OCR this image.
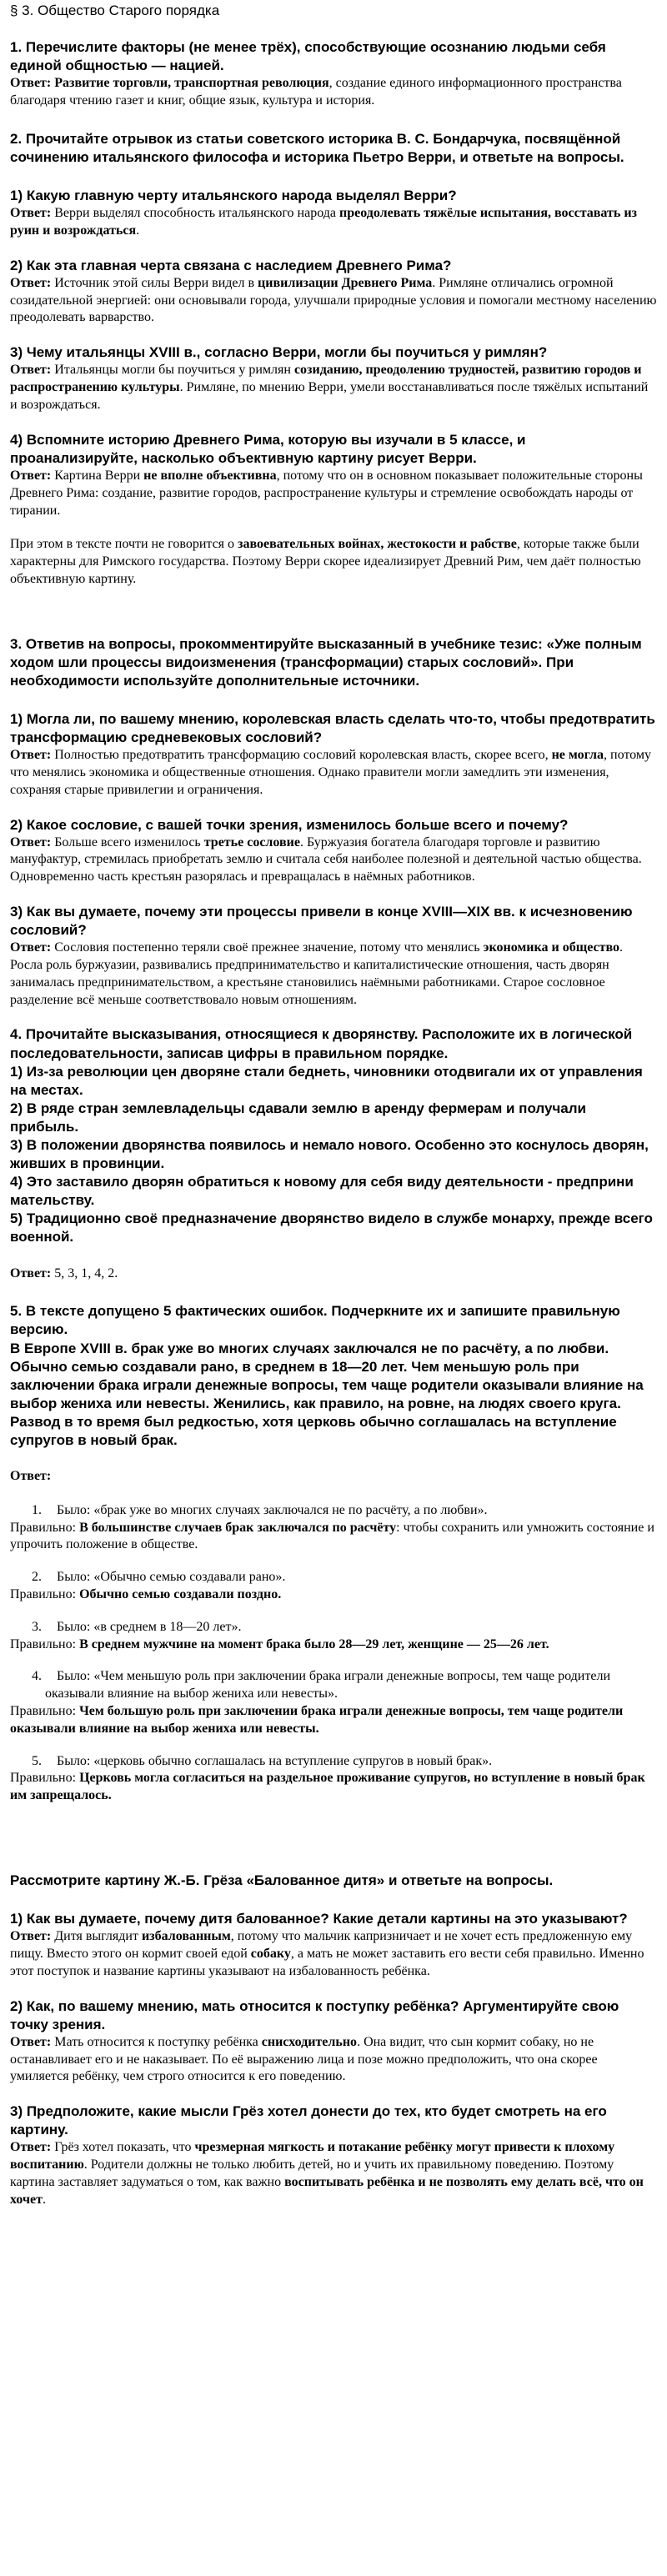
§ 3. Общество Старого порядка

1. Перечислите факторы (не менее трёх), способствующие осознанию людьми себя единой общностью — нацией.

Ответ: Развитие торговли, транспортная революция, создание единого информационного пространства благодаря чтению газет и книг, общие язык, культура и история.

2. Прочитайте отрывок из статьи советского историка В. С. Бондарчука, посвящённой сочинению итальянского философа и историка Пьетро Верри, и ответьте на вопросы.

1) Какую главную черту итальянского народа выделял Верри?

Ответ: Верри выделял способность итальянского народа преодолевать тяжёлые испытания, восставать из руин и возрождаться.

2) Как эта главная черта связана с наследием Древнего Рима?

Ответ: Источник этой силы Верри видел в цивилизации Древнего Рима. Римляне отличались огромной созидательной энергией: они основывали города, улучшали природные условия и помогали местному населению преодолевать варварство.

3) Чему итальянцы XVIII в., согласно Верри, могли бы поучиться у римлян?

Ответ: Итальянцы могли бы поучиться у римлян созиданию, преодолению трудностей, развитию городов и распространению культуры. Римляне, по мнению Верри, умели восстанавливаться после тяжёлых испытаний и возрождаться.

4) Вспомните историю Древнего Рима, которую вы изучали в 5 классе, и проанализируйте, насколько объективную картину рисует Верри.

Ответ: Картина Верри не вполне объективна, потому что он в основном показывает положительные стороны Древнего Рима: создание, развитие городов, распространение культуры и стремление освобождать народы от тирании.

При этом в тексте почти не говорится о завоевательных войнах, жестокости и рабстве, которые также были характерны для Римского государства. Поэтому Верри скорее идеализирует Древний Рим, чем даёт полностью объективную картину.

3. Ответив на вопросы, прокомментируйте высказанный в учебнике тезис: «Уже полным ходом шли процессы видоизменения (трансформации) старых сословий». При необходимости используйте дополнительные источники.

1) Могла ли, по вашему мнению, королевская власть сделать что-то, чтобы предотвратить трансформацию средневековых сословий?

Ответ: Полностью предотвратить трансформацию сословий королевская власть, скорее всего, не могла, потому что менялись экономика и общественные отношения. Однако правители могли замедлить эти изменения, сохраняя старые привилегии и ограничения.

2) Какое сословие, с вашей точки зрения, изменилось больше всего и почему?

Ответ: Больше всего изменилось третье сословие. Буржуазия богатела благодаря торговле и развитию мануфактур, стремилась приобретать землю и считала себя наиболее полезной и деятельной частью общества. Одновременно часть крестьян разорялась и превращалась в наёмных работников.

3) Как вы думаете, почему эти процессы привели в конце XVIII—XIX вв. к исчезновению сословий?

Ответ: Сословия постепенно теряли своё прежнее значение, потому что менялись экономика и общество. Росла роль буржуазии, развивались предпринимательство и капиталистические отношения, часть дворян занималась предпринимательством, а крестьяне становились наёмными работниками. Старое сословное разделение всё меньше соответствовало новым отношениям.

4. Прочитайте высказывания, относящиеся к дворянству. Расположите их в логической последовательности, записав цифры в правильном порядке.
1) Из-за революции цен дворяне стали беднеть, чиновники отодвигали их от управления на местах.
2) В ряде стран землевладельцы сдавали землю в аренду фермерам и получали прибыль.
3) В положении дворянства появилось и немало нового. Особенно это коснулось дворян, живших в провинции.
4) Это заставило дворян обратиться к новому для себя виду деятельности - предприни мательству.
5) Традиционно своё предназначение дворянство видело в службе монарху, прежде всего военной.

Ответ: 5, 3, 1, 4, 2.

5. В тексте допущено 5 фактических ошибок. Подчеркните их и запишите правильную версию.
В Европе XVIII в. брак уже во многих случаях заключался не по расчёту, а по любви.
Обычно семью создавали рано, в среднем в 18—20 лет. Чем меньшую роль при заключении брака играли денежные вопросы, тем чаще родители оказывали влияние на выбор жениха или невесты. Женились, как правило, на ровне, на людях своего круга. Развод в то время был редкостью, хотя церковь обычно соглашалась на вступление супругов в новый брак.

Ответ:

1. Было: «брак уже во многих случаях заключался не по расчёту, а по любви».
Правильно: В большинстве случаев брак заключался по расчёту: чтобы сохранить или умножить состояние и упрочить положение в обществе.
2. Было: «Обычно семью создавали рано».
Правильно: Обычно семью создавали поздно.
3. Было: «в среднем в 18—20 лет».
Правильно: В среднем мужчине на момент брака было 28—29 лет, женщине — 25—26 лет.
4. Было: «Чем меньшую роль при заключении брака играли денежные вопросы, тем чаще родители оказывали влияние на выбор жениха или невесты».
Правильно: Чем большую роль при заключении брака играли денежные вопросы, тем чаще родители оказывали влияние на выбор жениха или невесты.
5. Было: «церковь обычно соглашалась на вступление супругов в новый брак».
Правильно: Церковь могла согласиться на раздельное проживание супругов, но вступление в новый брак им запрещалось.

Рассмотрите картину Ж.-Б. Грёза «Балованное дитя» и ответьте на вопросы.

1) Как вы думаете, почему дитя балованное? Какие детали картины на это указывают?

Ответ: Дитя выглядит избалованным, потому что мальчик капризничает и не хочет есть предложенную ему пищу. Вместо этого он кормит своей едой собаку, а мать не может заставить его вести себя правильно. Именно этот поступок и название картины указывают на избалованность ребёнка.

2) Как, по вашему мнению, мать относится к поступку ребёнка? Аргументируйте свою точку зрения.

Ответ: Мать относится к поступку ребёнка снисходительно. Она видит, что сын кормит собаку, но не останавливает его и не наказывает. По её выражению лица и позе можно предположить, что она скорее умиляется ребёнку, чем строго относится к его поведению.

3) Предположите, какие мысли Грёз хотел донести до тех, кто будет смотреть на его картину.

Ответ: Грёз хотел показать, что чрезмерная мягкость и потакание ребёнку могут привести к плохому воспитанию. Родители должны не только любить детей, но и учить их правильному поведению. Поэтому картина заставляет задуматься о том, как важно воспитывать ребёнка и не позволять ему делать всё, что он хочет.
